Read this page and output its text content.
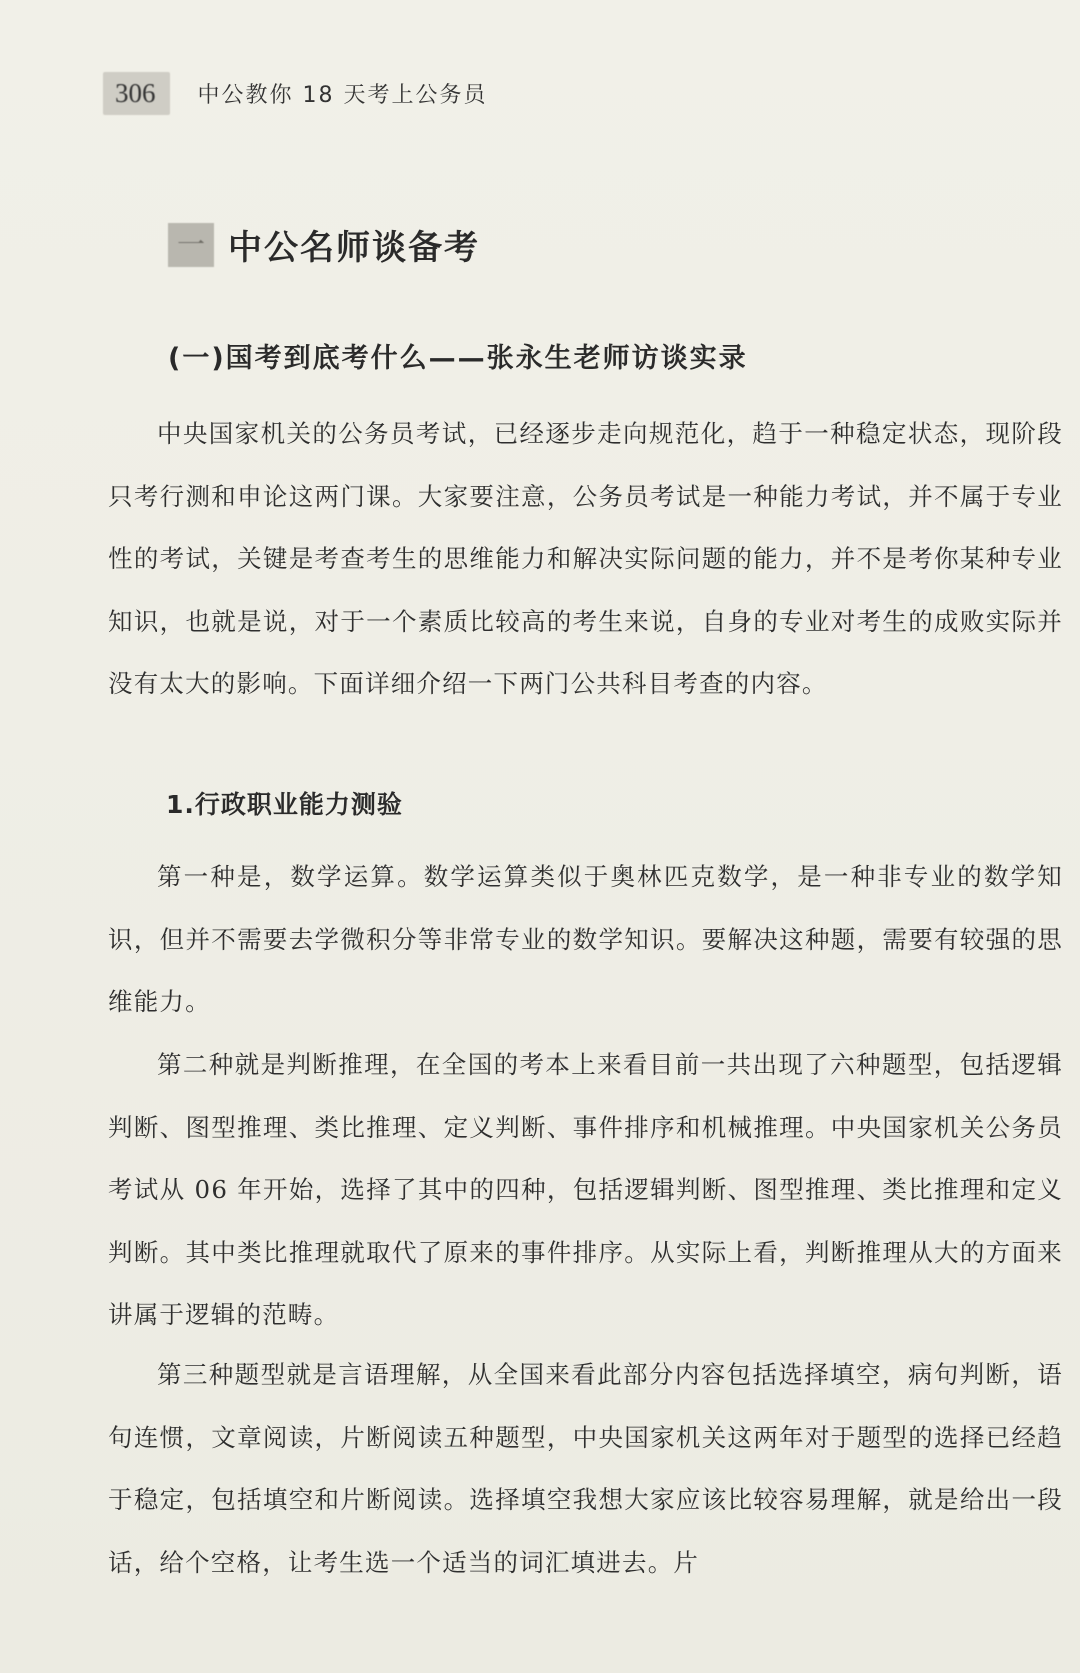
306	中公教你 18 天考上公务员
一 中公名师谈备考
(一)国考到底考什么——张永生老师访谈实录

中央国家机关的公务员考试，已经逐步走向规范化，趋于一种稳定状态，现阶段只考行测和申论这两门课。大家要注意，公务员考试是一种能力考试，并不属于专业性的考试，关键是考查考生的思维能力和解决实际问题的能力，并不是考你某种专业知识，也就是说，对于一个素质比较高的考生来说，自身的专业对考生的成败实际并没有太大的影响。下面详细介绍一下两门公共科目考查的内容。

1.行政职业能力测验

第一种是，数学运算。数学运算类似于奥林匹克数学，是一种非专业的数学知识，但并不需要去学微积分等非常专业的数学知识。要解决这种题，需要有较强的思维能力。

第二种就是判断推理，在全国的考本上来看目前一共出现了六种题型，包括逻辑判断、图型推理、类比推理、定义判断、事件排序和机械推理。中央国家机关公务员考试从 06 年开始，选择了其中的四种，包括逻辑判断、图型推理、类比推理和定义判断。其中类比推理就取代了原来的事件排序。从实际上看，判断推理从大的方面来讲属于逻辑的范畴。

第三种题型就是言语理解，从全国来看此部分内容包括选择填空，病句判断，语句连惯，文章阅读，片断阅读五种题型，中央国家机关这两年对于题型的选择已经趋于稳定，包括填空和片断阅读。选择填空我想大家应该比较容易理解，就是给出一段话，给个空格，让考生选一个适当的词汇填进去。片
